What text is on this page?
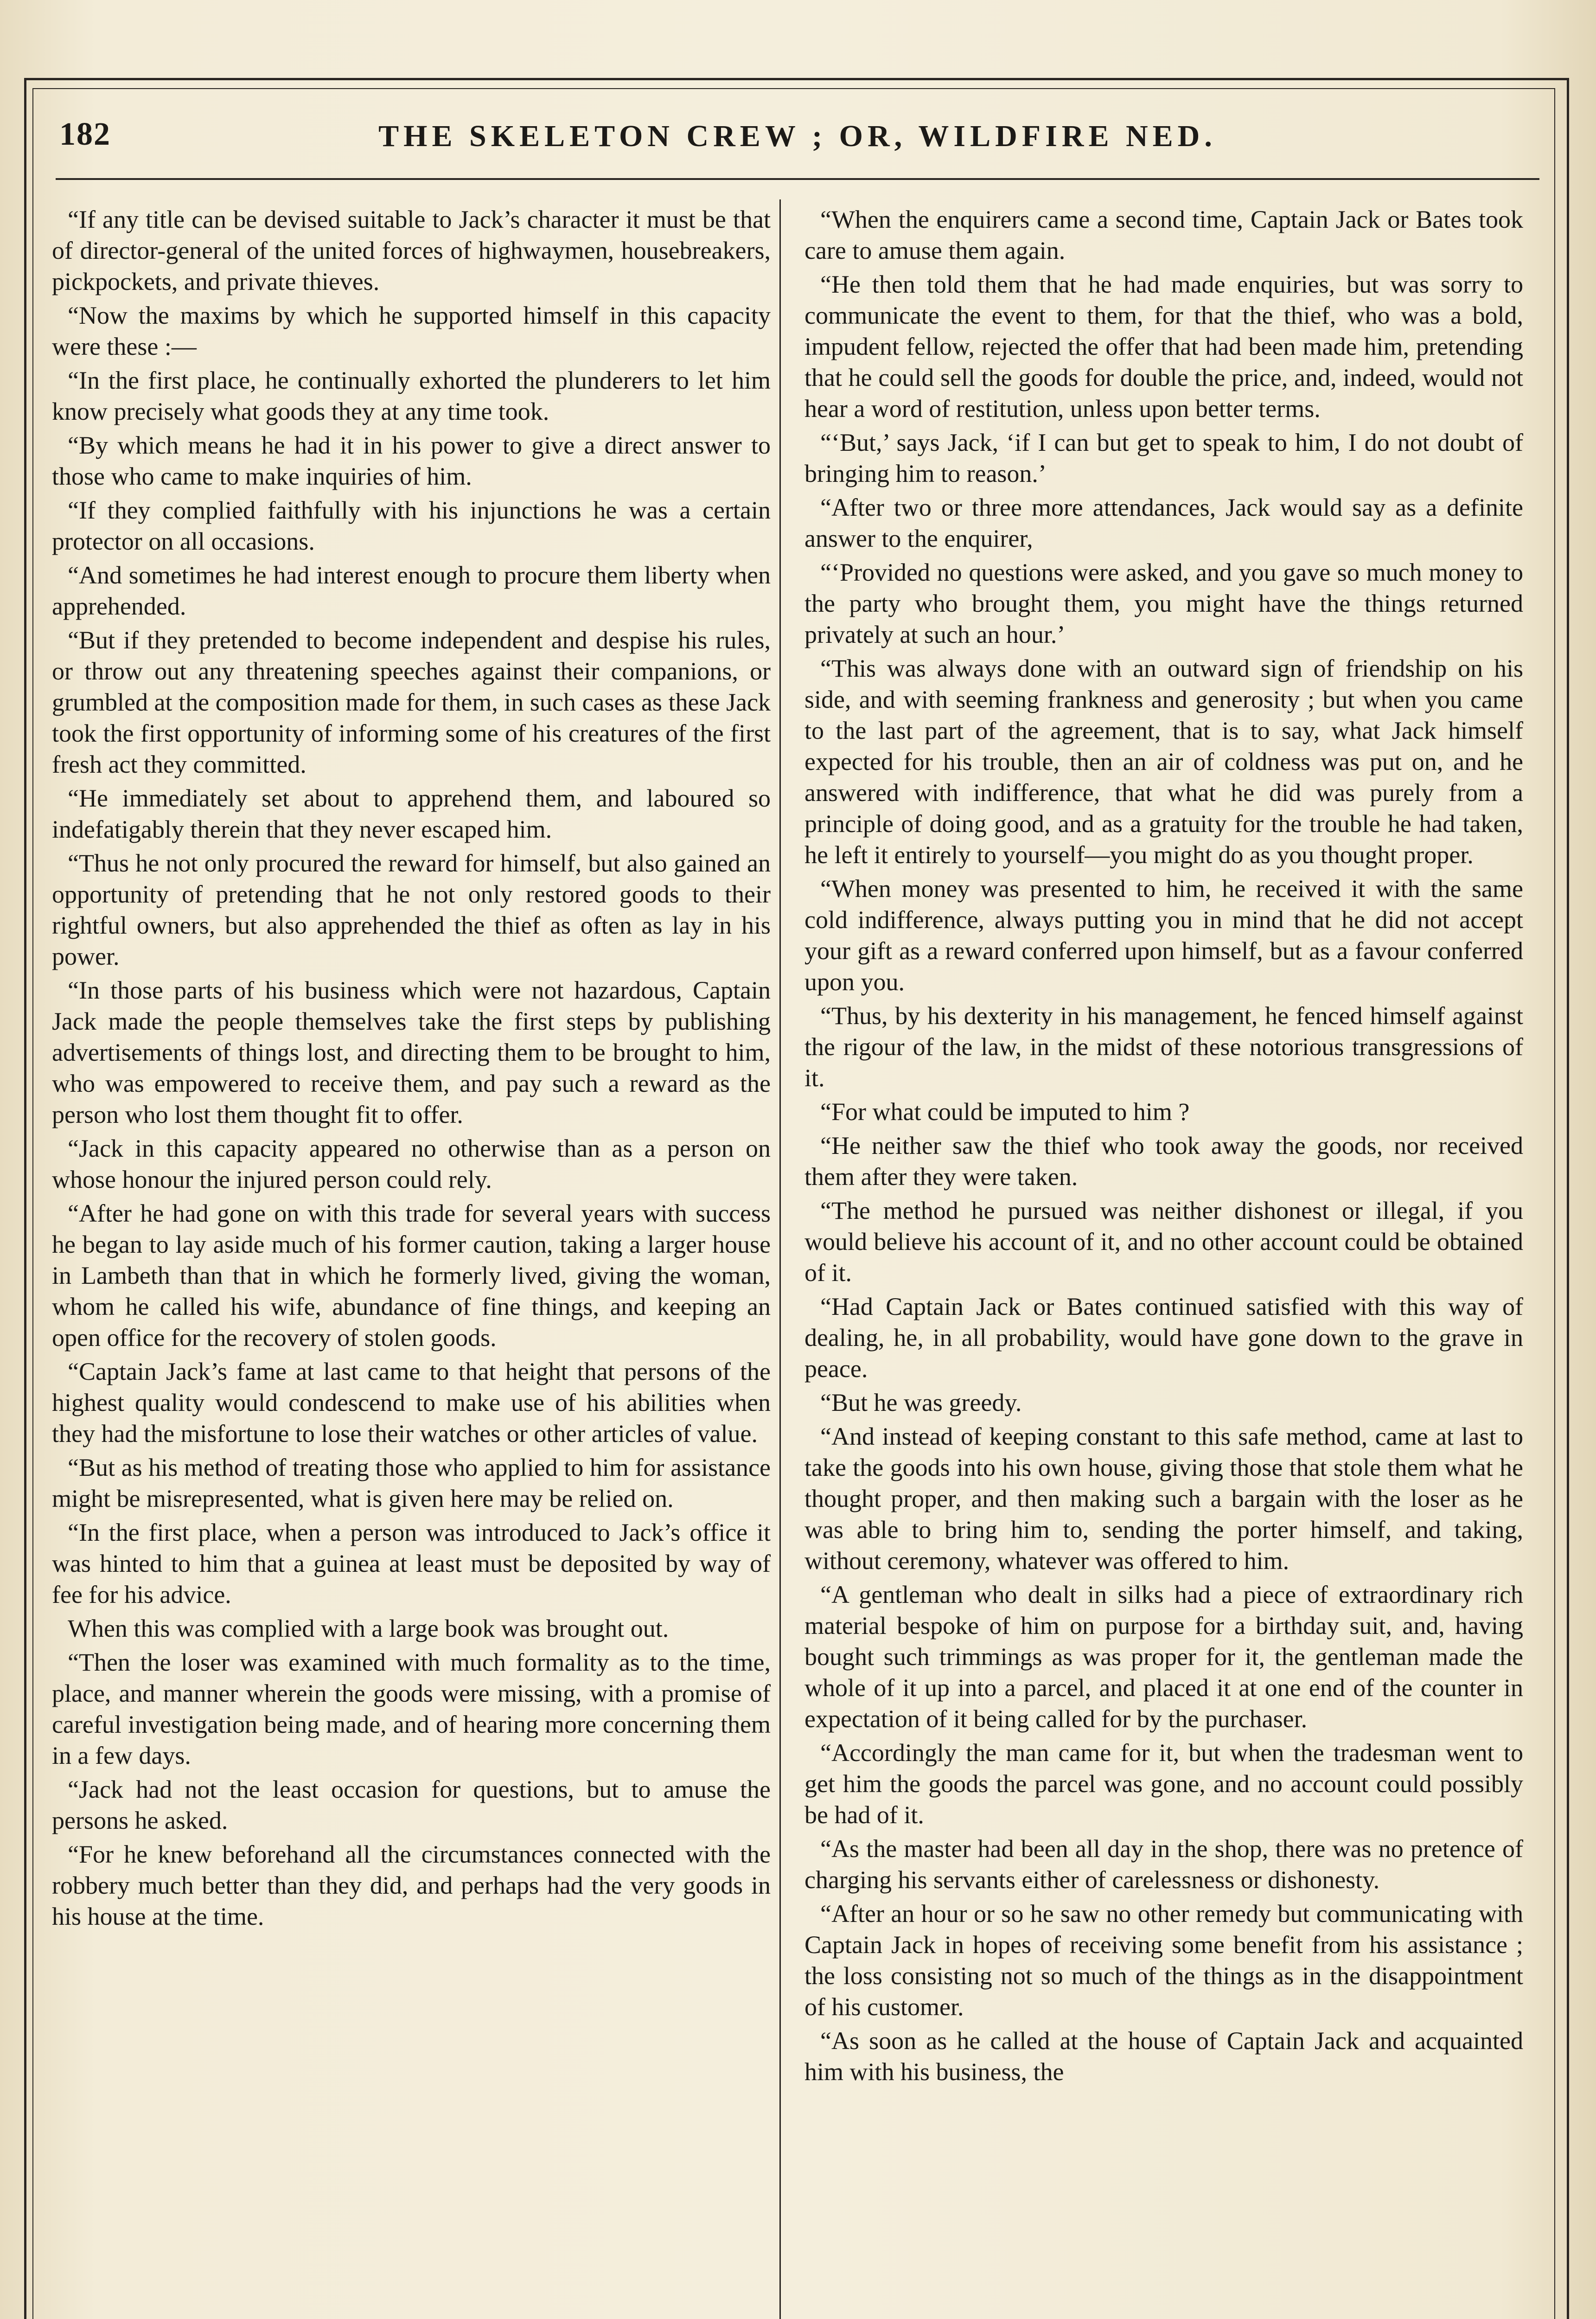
182	THE SKELETON CREW ; OR, WILDFIRE NED.

“If any title can be devised suitable to Jack’s character it must be that of director-general of the united forces of highwaymen, housebreakers, pickpockets, and private thieves.

“Now the maxims by which he supported himself in this capacity were these :—

“In the first place, he continually exhorted the plunderers to let him know precisely what goods they at any time took.

“By which means he had it in his power to give a direct answer to those who came to make inquiries of him.

“If they complied faithfully with his injunctions he was a certain protector on all occasions.

“And sometimes he had interest enough to procure them liberty when apprehended.

“But if they pretended to become independent and despise his rules, or throw out any threatening speeches against their companions, or grumbled at the composition made for them, in such cases as these Jack took the first opportunity of informing some of his creatures of the first fresh act they committed.

“He immediately set about to apprehend them, and laboured so indefatigably therein that they never escaped him.

“Thus he not only procured the reward for himself, but also gained an opportunity of pretending that he not only restored goods to their rightful owners, but also apprehended the thief as often as lay in his power.

“In those parts of his business which were not hazardous, Captain Jack made the people themselves take the first steps by publishing advertisements of things lost, and directing them to be brought to him, who was empowered to receive them, and pay such a reward as the person who lost them thought fit to offer.

“Jack in this capacity appeared no otherwise than as a person on whose honour the injured person could rely.

“After he had gone on with this trade for several years with success he began to lay aside much of his former caution, taking a larger house in Lambeth than that in which he formerly lived, giving the woman, whom he called his wife, abundance of fine things, and keeping an open office for the recovery of stolen goods.

“Captain Jack’s fame at last came to that height that persons of the highest quality would condescend to make use of his abilities when they had the misfortune to lose their watches or other articles of value.

“But as his method of treating those who applied to him for assistance might be misrepresented, what is given here may be relied on.

“In the first place, when a person was introduced to Jack’s office it was hinted to him that a guinea at least must be deposited by way of fee for his advice.

When this was complied with a large book was brought out.

“Then the loser was examined with much formality as to the time, place, and manner wherein the goods were missing, with a promise of careful investigation being made, and of hearing more concerning them in a few days.

“Jack had not the least occasion for questions, but to amuse the persons he asked.

“For he knew beforehand all the circumstances connected with the robbery much better than they did, and perhaps had the very goods in his house at the time.

“When the enquirers came a second time, Captain Jack or Bates took care to amuse them again.

“He then told them that he had made enquiries, but was sorry to communicate the event to them, for that the thief, who was a bold, impudent fellow, rejected the offer that had been made him, pretending that he could sell the goods for double the price, and, indeed, would not hear a word of restitution, unless upon better terms.

“‘But,’ says Jack, ‘if I can but get to speak to him, I do not doubt of bringing him to reason.’

“After two or three more attendances, Jack would say as a definite answer to the enquirer,

“‘Provided no questions were asked, and you gave so much money to the party who brought them, you might have the things returned privately at such an hour.’

“This was always done with an outward sign of friendship on his side, and with seeming frankness and generosity ; but when you came to the last part of the agreement, that is to say, what Jack himself expected for his trouble, then an air of coldness was put on, and he answered with indifference, that what he did was purely from a principle of doing good, and as a gratuity for the trouble he had taken, he left it entirely to yourself—you might do as you thought proper.

“When money was presented to him, he received it with the same cold indifference, always putting you in mind that he did not accept your gift as a reward conferred upon himself, but as a favour conferred upon you.

“Thus, by his dexterity in his management, he fenced himself against the rigour of the law, in the midst of these notorious transgressions of it.

“For what could be imputed to him ?

“He neither saw the thief who took away the goods, nor received them after they were taken.

“The method he pursued was neither dishonest or illegal, if you would believe his account of it, and no other account could be obtained of it.

“Had Captain Jack or Bates continued satisfied with this way of dealing, he, in all probability, would have gone down to the grave in peace.

“But he was greedy.

“And instead of keeping constant to this safe method, came at last to take the goods into his own house, giving those that stole them what he thought proper, and then making such a bargain with the loser as he was able to bring him to, sending the porter himself, and taking, without ceremony, whatever was offered to him.

“A gentleman who dealt in silks had a piece of extraordinary rich material bespoke of him on purpose for a birthday suit, and, having bought such trimmings as was proper for it, the gentleman made the whole of it up into a parcel, and placed it at one end of the counter in expectation of it being called for by the purchaser.

“Accordingly the man came for it, but when the tradesman went to get him the goods the parcel was gone, and no account could possibly be had of it.

“As the master had been all day in the shop, there was no pretence of charging his servants either of carelessness or dishonesty.

“After an hour or so he saw no other remedy but communicating with Captain Jack in hopes of receiving some benefit from his assistance ; the loss consisting not so much of the things as in the disappointment of his customer.

“As soon as he called at the house of Captain Jack and acquainted him with his business, the
